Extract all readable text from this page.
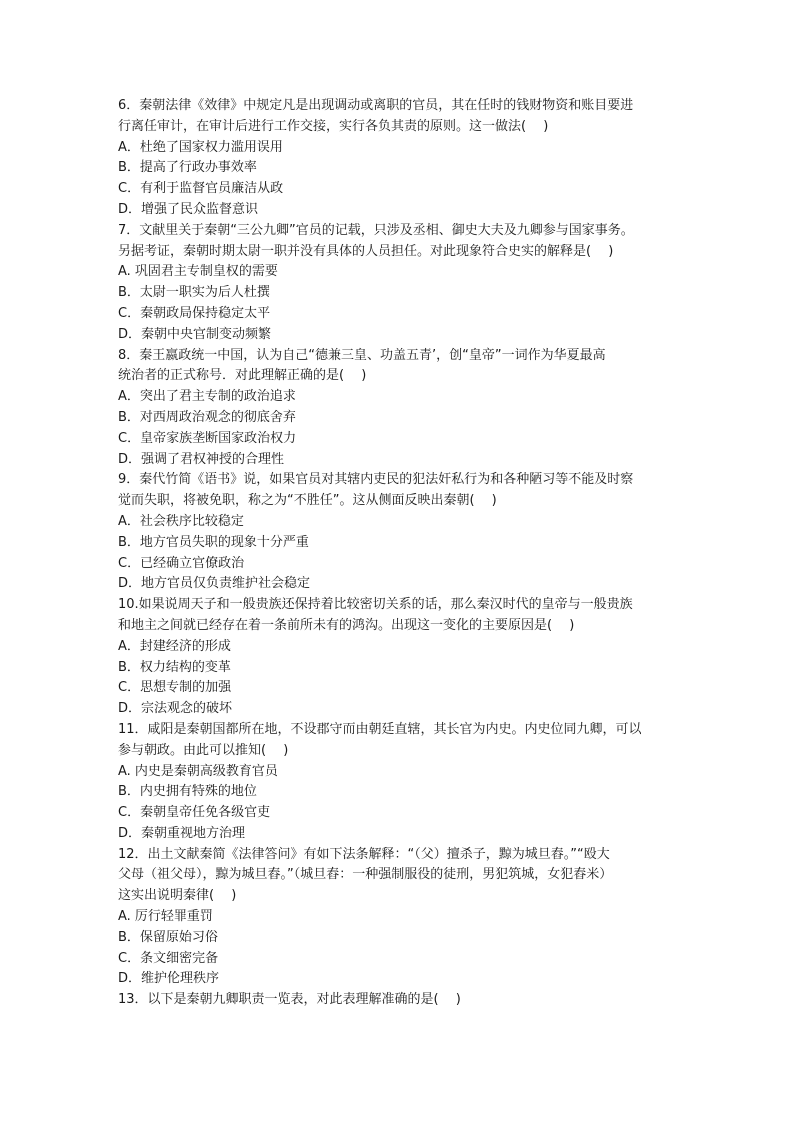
6．秦朝法律《效律》中规定凡是出现调动或离职的官员，其在任时的钱财物资和账目要进
行离任审计，在审计后进行工作交接，实行各负其责的原则。这一做法(　 )
A．杜绝了国家权力滥用误用
B．提高了行政办事效率
C．有利于监督官员廉洁从政
D．增强了民众监督意识
7．文献里关于秦朝“三公九卿”官员的记载，只涉及丞相、御史大夫及九卿参与国家事务。
另据考证，秦朝时期太尉一职并没有具体的人员担任。对此现象符合史实的解释是(　 )
A. 巩固君主专制皇权的需要
B．太尉一职实为后人杜撰
C．秦朝政局保持稳定太平
D．秦朝中央官制变动频繁
8．秦王嬴政统一中国，认为自己“德兼三皇、功盖五青’，创“皇帝”一词作为华夏最高
统治者的正式称号．对此理解正确的是(　 )
A．突出了君主专制的政治追求
B．对西周政治观念的彻底舍弃
C．皇帝家族垄断国家政治权力
D．强调了君权神授的合理性
9．秦代竹简《语书》说，如果官员对其辖内吏民的犯法奸私行为和各种陋习等不能及时察
觉而失职，将被免职，称之为“不胜任”。这从侧面反映出秦朝(　 )
A．社会秩序比较稳定
B．地方官员失职的现象十分严重
C．已经确立官僚政治
D．地方官员仅负责维护社会稳定
10.如果说周天子和一般贵族还保持着比较密切关系的话，那么秦汉时代的皇帝与一般贵族
和地主之间就已经存在着一条前所未有的鸿沟。出现这一变化的主要原因是(　 )
A．封建经济的形成
B．权力结构的变革
C．思想专制的加强
D．宗法观念的破坏
11．咸阳是秦朝国都所在地，不设郡守而由朝廷直辖，其长官为内史。内史位同九卿，可以
参与朝政。由此可以推知(　 )
A. 内史是秦朝高级教育官员
B．内史拥有特殊的地位
C．秦朝皇帝任免各级官吏
D．秦朝重视地方治理
12．出土文献秦简《法律答问》有如下法条解释：“（父）擅杀子，黥为城旦舂。”“殴大
父母（祖父母），黥为城旦舂。”（城旦舂：一种强制服役的徒刑，男犯筑城，女犯舂米）
这实出说明秦律(　 )
A. 厉行轻罪重罚
B．保留原始习俗
C．条文细密完备
D．维护伦理秩序
13．以下是秦朝九卿职责一览表，对此表理解准确的是(　 )
